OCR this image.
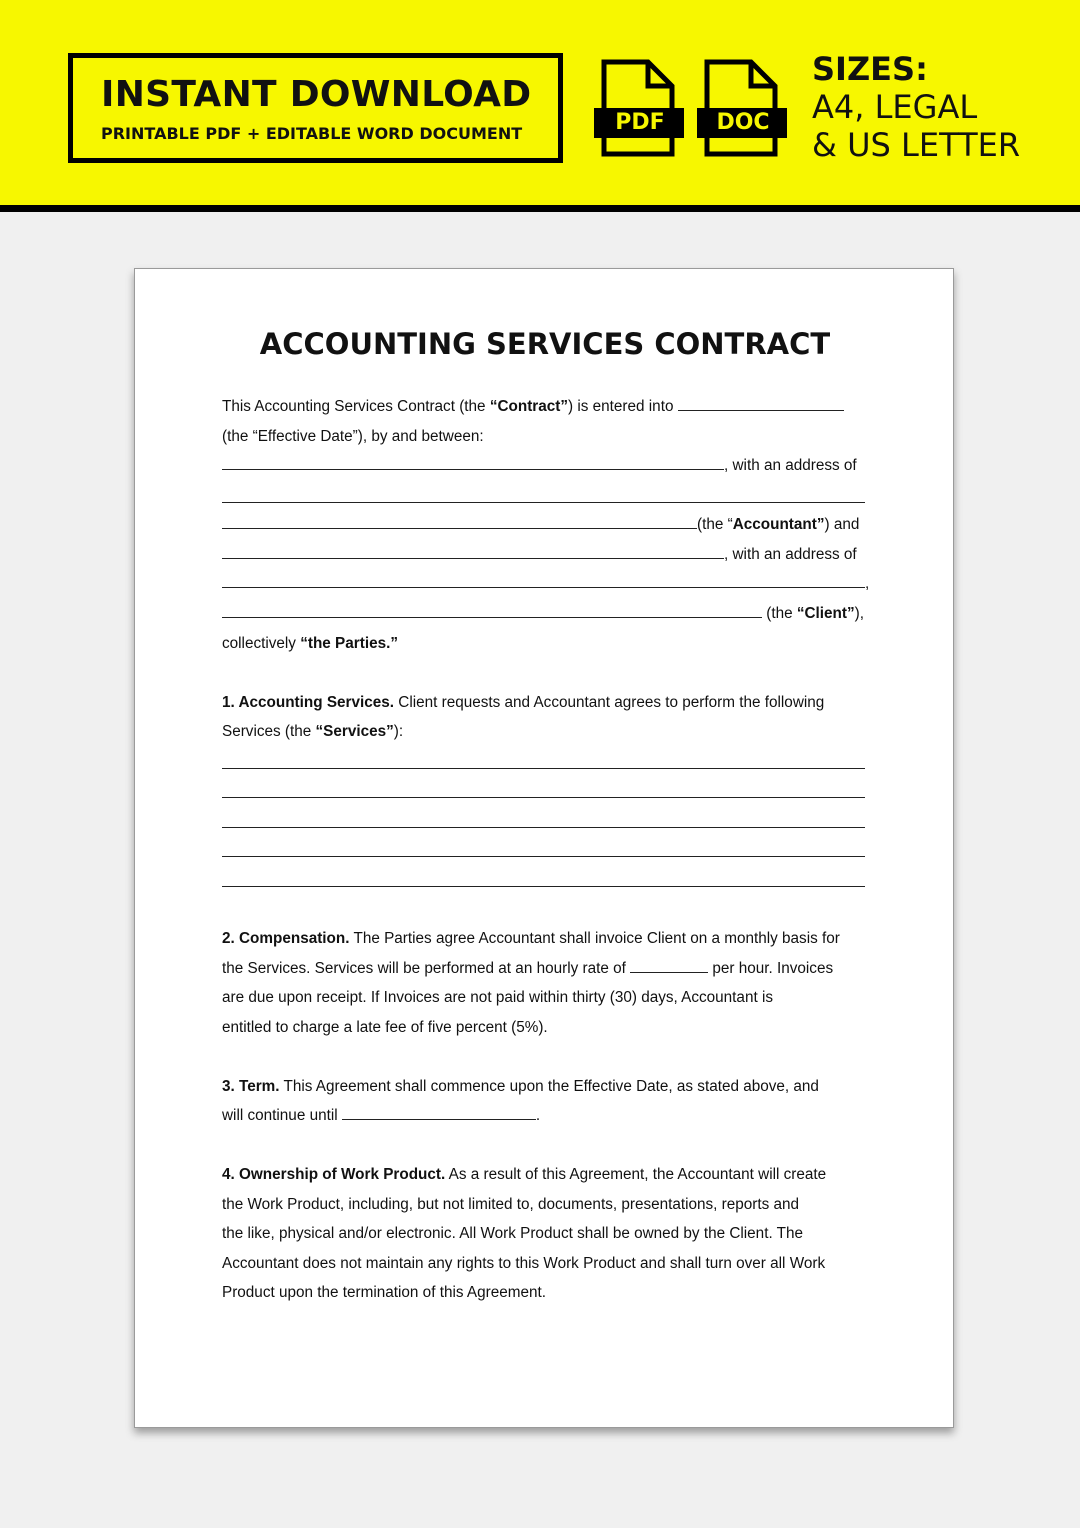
INSTANT DOWNLOAD
PRINTABLE PDF + EDITABLE WORD DOCUMENT	PDF	DOC
SIZES:
A4, LEGAL
& US LETTER
ACCOUNTING SERVICES CONTRACT
This Accounting Services Contract (the “Contract”) is entered into
(the “Effective Date”), by and between:
, with an address of
(the “Accountant”) and
, with an address of
,
(the “Client”),
collectively “the Parties.”
1. Accounting Services. Client requests and Accountant agrees to perform the following
Services (the “Services”):
2. Compensation. The Parties agree Accountant shall invoice Client on a monthly basis for
the Services. Services will be performed at an hourly rate of	per hour. Invoices
are due upon receipt. If Invoices are not paid within thirty (30) days, Accountant is
entitled to charge a late fee of five percent (5%).
3. Term. This Agreement shall commence upon the Effective Date, as stated above, and
will continue until	.
4. Ownership of Work Product. As a result of this Agreement, the Accountant will create
the Work Product, including, but not limited to, documents, presentations, reports and
the like, physical and/or electronic. All Work Product shall be owned by the Client. The
Accountant does not maintain any rights to this Work Product and shall turn over all Work
Product upon the termination of this Agreement.
